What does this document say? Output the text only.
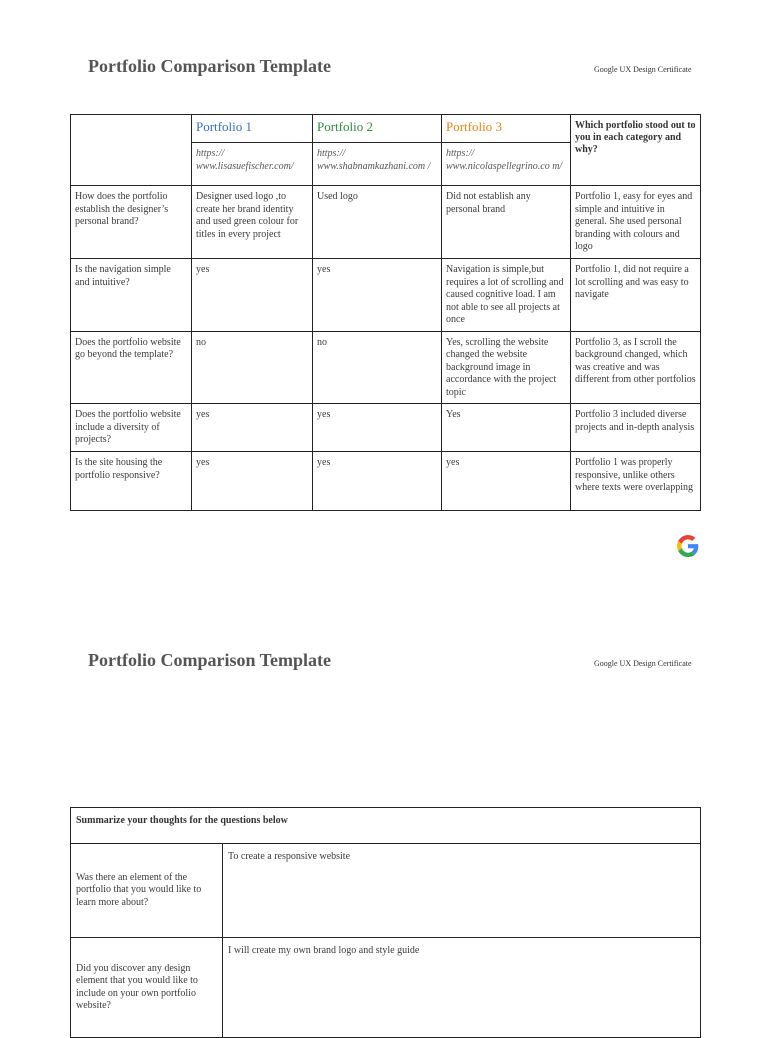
Portfolio Comparison Template	Google UX Design Certificate
	Portfolio 1	Portfolio 2	Portfolio 3	Which portfolio stood out to you in each category and why?
	https:// www.lisasuefischer.com/	https:// www.shabnamkazhani.com /	https:// www.nicolaspellegrino.co m/	
How does the portfolio establish the designer’s personal brand?	Designer used logo ,to create her brand identity and used green colour for titles in every project	Used logo	Did not establish any personal brand	Portfolio 1, easy for eyes and simple and intuitive in general. She used personal branding with colours and logo
Is the navigation simple and intuitive?	yes	yes	Navigation is simple,but requires a lot of scrolling and caused cognitive load. I am not able to see all projects at once	Portfolio 1, did not require a lot scrolling and was easy to navigate
Does the portfolio website go beyond the template?	no	no	Yes, scrolling the website changed the website background image in accordance with the project topic	Portfolio 3, as I scroll the background changed, which was creative and was different from other portfolios
Does the portfolio website include a diversity of projects?	yes	yes	Yes	Portfolio 3 included diverse projects and in-depth analysis
Is the site housing the portfolio responsive?	yes	yes	yes	Portfolio 1 was properly responsive, unlike others where texts were overlapping
Portfolio Comparison Template	Google UX Design Certificate
Summarize your thoughts for the questions below	
Was there an element of the portfolio that you would like to learn more about?	To create a responsive website
Did you discover any design element that you would like to include on your own portfolio website?	I will create my own brand logo and style guide
